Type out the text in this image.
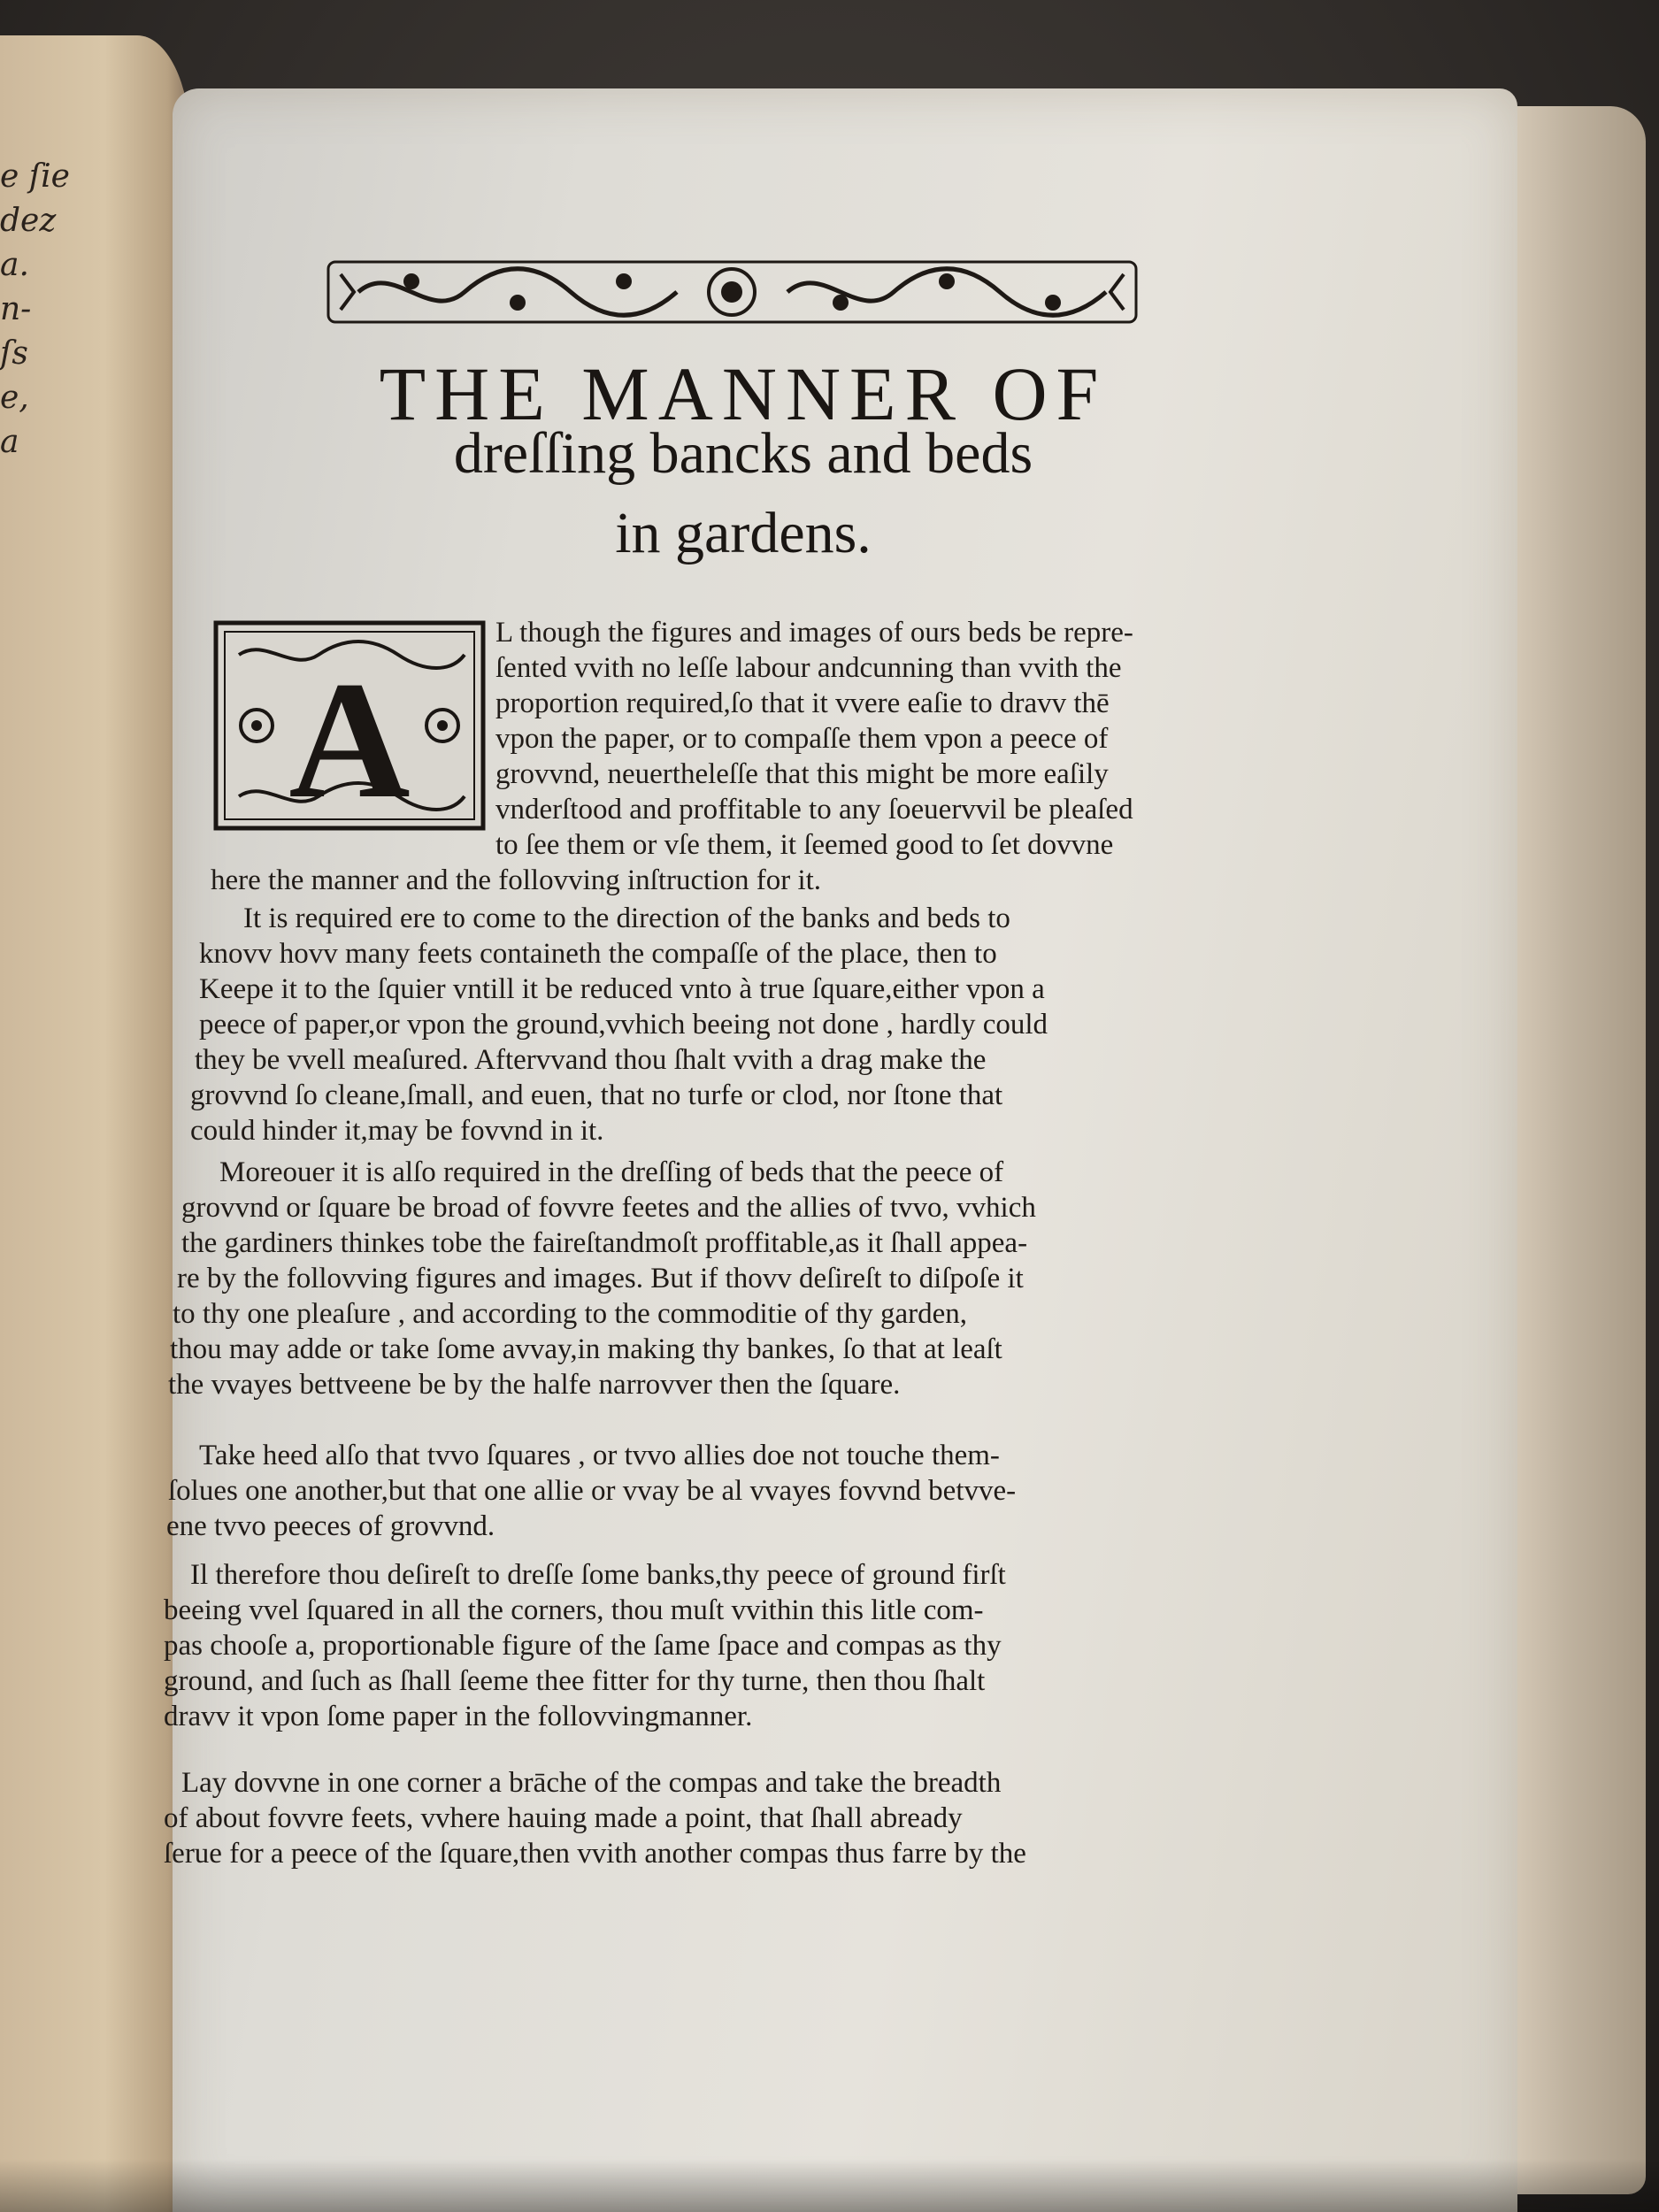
e ſie
dez
a.
n-
ſs
e,
a
THE MANNER OF
dreſſing bancks and beds
in gardens.
A
L though the figures and images of ours beds be repre-
ſented vvith no leſſe labour andcunning than vvith the
proportion required,ſo that it vvere eaſie to dravv thē
vpon the paper, or to compaſſe them vpon a peece of
grovvnd, neuertheleſſe that this might be more eaſily
vnderſtood and proffitable to any ſoeuervvil be pleaſed
to ſee them or vſe them, it ſeemed good to ſet dovvne
here the manner and the follovving inſtruction for it.
It is required ere to come to the direction of the banks and beds to
knovv hovv many feets containeth the compaſſe of the place, then to
Keepe it to the ſquier vntill it be reduced vnto à true ſquare,either vpon a
peece of paper,or vpon the ground,vvhich beeing not done , hardly could
they be vvell meaſured. Aftervvand thou ſhalt vvith a drag make the
grovvnd ſo cleane,ſmall, and euen, that no turfe or clod, nor ſtone that
could hinder it,may be fovvnd in it.
Moreouer it is alſo required in the dreſſing of beds that the peece of
grovvnd or ſquare be broad of fovvre feetes and the allies of tvvo, vvhich
the gardiners thinkes tobe the faireſtandmoſt proffitable,as it ſhall appea-
re by the follovving figures and images. But if thovv deſireſt to diſpoſe it
to thy one pleaſure , and according to the commoditie of thy garden,
thou may adde or take ſome avvay,in making thy bankes, ſo that at leaſt
the vvayes bettveene be by the halfe narrovver then the ſquare.
Take heed alſo that tvvo ſquares , or tvvo allies doe not touche them-
ſolues one another,but that one allie or vvay be al vvayes fovvnd betvve-
ene tvvo peeces of grovvnd.
Il therefore thou deſireſt to dreſſe ſome banks,thy peece of ground firſt
beeing vvel ſquared in all the corners, thou muſt vvithin this litle com-
pas chooſe a, proportionable figure of the ſame ſpace and compas as thy
ground, and ſuch as ſhall ſeeme thee fitter for thy turne, then thou ſhalt
dravv it vpon ſome paper in the follovvingmanner.
Lay dovvne in one corner a brāche of the compas and take the breadth
of about fovvre feets, vvhere hauing made a point, that ſhall abready
ſerue for a peece of the ſquare,then vvith another compas thus farre by the
